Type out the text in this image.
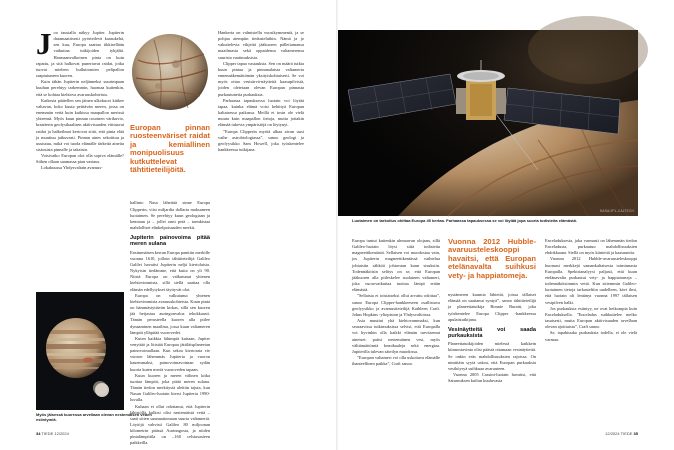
J oo taustalla näkyy Jupiter. Jupiterin draamaattisesti pyörteilevä kaasukehä, sen kuu, Europa saattaa tikkisellään vaikuttaa tutkijoiden tyhjältä. Harmaanvalkoinen pinta on kuin rapattu, ja sitä halkovat punertavat raidat, jotka tuovat mieleen hulluttomien pelipallon raapiutuneen kuoren.

Kuin tähän Jupiterin neljänneksi suurimpaan kuuhun perehtyy tarkemmin, huomaa kuitenkin, että se kohtaa kiehtova avaruuskohteista.

Kaikesta päätellen sen jäinen ulkokuori kätkee valtavan, koko kuuta peittävän meren, jossa on enemmän vettä kuin kaikissa maapallon merissä yhteensä. Myös kuun pinnan rosoinen värikuvio, kraatterin geofysikaalisen aktiivisuuden viittaavat raidat ja halkeilmat kertovat siitä, että pinta elää ja muuttuu jatkuvasti. Pinnan aines sekoittuu ja uusiutuu, mikä voi tuoda elämälle tärkeitä aineita sisäosista pinnalle ja takaisin.

Voisivatko Europan olot olla sopiva elämälle? Siihen ollaan saamassa pian vastaus.

Lokakuussa Yhdysvaltain avaruus-

Europan pinnan ruosteenväriset raidat ja kemiallinen monipuolisuus kutkuttelevat tähtitieteilijöitä.

hallinto Nasa lähettää sinne Europa Clipperin, viisi miljardia dollaria maksaneen luotaimen. Se perehtyy kuun geologiaan ja kemiaan ja – jollei onni petä – tarmkistaa mahdolliset elinkelpoisuuden merkit.

Jupiterin painovoima pitää meren sulana

Ensimmäisen kerran Europa panttiin merkille vuonna 1610, jolloin tähtitieteilijä Galileo Galilei havaitsi Jupiterin neljä kiertolaista. Nykyisin tiedämme, että kuita on yli 90. Niistä Europa on valkutunut yhtenen kiehtovimmista, sillä siellä saattaa olla elämän edellytykset täyttyvät olot.

Europa on valkutunut yhtenen kiehtovimmista avaruuskohteista. Kuun pinta on hämmästyttävän kirkas, sillä sen kuoren jää heijastaa auringonvaloa tehokkaasti. Tämän perusteella kuoren alla piilee dynaaminen maailma, jossa kuun valtameren lämpöä ylläpitää vuorovedet.

Kuten kaikkia lähimpiä kuitaan, Jupiter venyttää ja litistää Europaa jättiläisplaneetan painovoimallaan. Kun sekoa kiertorata vie vuoron lähemmäs Jupiteria ja vuoron kauemmaksi, painovoimavoiman sydän kuorta kuten meriä vuoroveden tapaan.

Kuun kuoren ja meren välinen kitka tuottaa lämpöä, joka pitää meren sulana. Tämän tiedon merkitystä alettiin tajuta, kun Nasan Galileo-luotain kiersi Jupiteria 1990-luvulla.

Kuhaan ei ollut odottanut, että Jupiterin lähistöllä kulkisi olisi nestemäistä vettä – saati sitten suunnattomaan suuria valtameriä. Löytöjä vahvisti Galileo 80 miljoonan kilometrin päässä Aurinngosta, ja niiden pintalämpötila on –160 celsiusasteen paikkeilla.

Hankerta on valmistellu vuosikymmeniä, ja se pohjaa aiempiin tiedusteluihin. Nämä ja jo vakuttelevia vihjeitä jääkuoren pälletiamansa maailmasta sekä oppaidensa valtamerensa suurista vaatimuksista.

Clipper tapaa vastauksia. Sen on määrä tutkia kuun pintaa ja pinnanalaista valtamerta ennennäkemättömän yksityiskohtaisesti. Se voi myös ottaa vesisärvä-näytteitä kaasupilvistä, joiden oletetaan olevan Europan pinnasta purkautuneita purkauksia.

Parhaassa tapauksessa luotain voi löytää tapaa, kuinka elämä voisi kehittyä Europan kaltaisessa paikassa. Meillä ei tosin ole vielä muuta kuin maapallon tietoja, mutta joitakin elämää tukevia ympäristöjä on löytynyt.

”Europa Clipperin myötä alkaa aivan uusi vaihe astrobiologiassa”, sanoo geologi ja geofyysikko Sam Howell, joka työskentelee hankkeessa tutkijana.

Myös jäisessä kuoressa arvellaan olevan nestemäisen veden esiintymiä.
34 TIEDE 12/2024
NASA/JPL-CALTECH
Luotaimen on tarkoitus ohittaa Europa 45 kertaa. Parhaassa tapauksessa se voi löytää jopa suoria todisteita elämästä.

Europa tuntui kuitenkin uhmaavan olojaan, sillä Galileo-luotain löysi siitä todisteita magneettikentästä. Sellaisen voi muodostaa vain, jos Jupiterin magneettikentässä vaihtelua johtaisiin sähköä johtavaan kuun sisuksiin. Todennäköisin selitys on se, että Europan jääkuoren alla piileskelee suolainen valtameri, joka vuorovaikuttaa tuottaa läntpö erään elämästä.

”Sellaista ei toistaiseksi ollut arvattu odottaa”, sanoo Europa Clipper-hankkeeseen osallistuva geofyysikko ja avaruustieteilijä Kathleen Craft. Johns Hopkins -yliopiston ja Yhdysvaltoissa.

Asia muuttui yhä kiehtovammaksi, kun seuraavissa tutkimuksissa selvisi, että Europalla voi hyvinkin olla kaikki elämän tarvitsemat aineiset: paitsi nestemäinen vesi, myös välttämättömiä kemikaaleja sekä energiaa. Jupiterilla tulevan säteilyn muodossa.

”Europan valtameri voi olla uskottava elämälle ihanteellinen paikka”, Craft sanoo.

Vuonna 2012 Hubble-avaruusteleskooppi havaitsi, että Europan etelänavalta suihkusi vety- ja happiatomeja.

nystämeren kuumia lähteitä, joissa tällaiset elämää on saattanut syntyä”, sanoo tähtitieteilijä ja planeettatutkija Bonnie Buratti, joka työskentelee Europa Clipper -hankkeessa apulaistutkijana.

Vesinäytteitä voi saada purkauksista

Planeettatutkijoiden mielestä kaikkein kiinnostavinta olisi päästä ottamaan vesinäytteitä. Se onkin eräs mahdollisuuksien rajoissa. On nimittäin syytä uskoa, että Europan purkauksia vesihöyryä suihkuaa avaruuteen.

Vuonna 2005 Cassini-luotain havaitsi, että Saturnuksen kuilun kuuluvasta

Enceladuksesta, joka varmasti on lähemmän tiedon Enceladusta, purkautuu mahdollisuuksien ehdokkaana. Siellä on myös kiinteitä ja kaasuuntia.

Vuonna 2012 Hubble-avaruusteleskooppi huomasi merkkejä samankaltaisesta toiminnasta Europalla. Spektrianalyysi paljasti, että kuun etelänavalta purkautui vety- ja happiatomeja – todennäköisimmin vettä. Kun sittemmin Galileo-luotaimen tietoja tarkasteltiin uudelleen, kävi ilmi, että luotain oli lentänyt vuonna 1997 tällaisen vesipilven halki.

Jos purkauksia esiintyy, ne ovat heikompia kuin Enceladuksella. ”Enceladus suihkuttelee melko tasaisesti, mutta Europan aktiivisuuden arvellaan olevan ajoittaista”, Craft sanoo.

Se, tapahtuuko purkauksia todella, ei ole vielä varmaa.

12/2024 TIEDE 35
